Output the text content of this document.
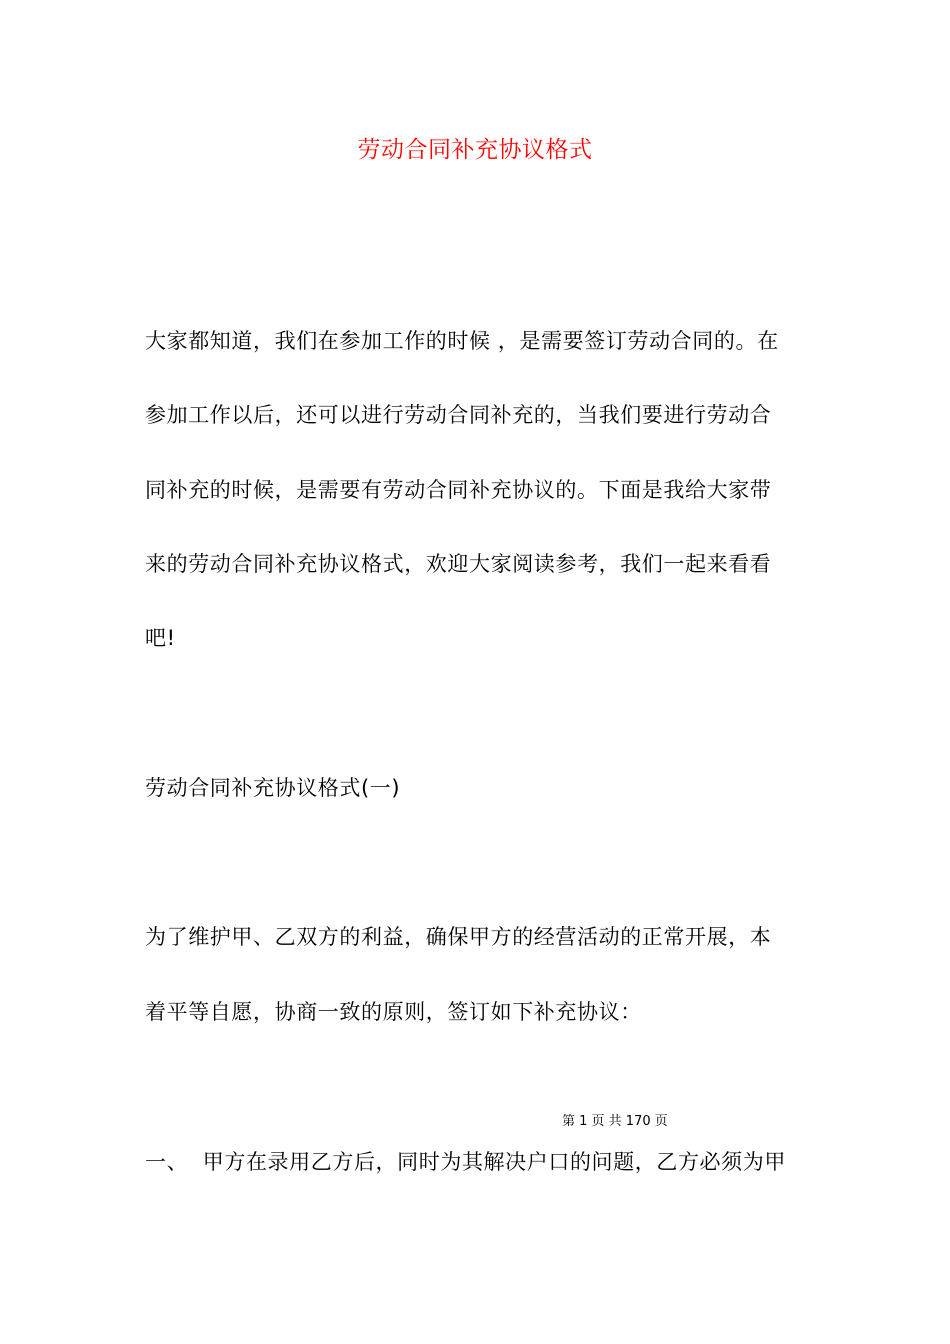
劳动合同补充协议格式
大家都知道，我们在参加工作的时候 ，是需要签订劳动合同的。在
参加工作以后，还可以进行劳动合同补充的，当我们要进行劳动合
同补充的时候，是需要有劳动合同补充协议的。下面是我给大家带
来的劳动合同补充协议格式，欢迎大家阅读参考，我们一起来看看
吧!
劳动合同补充协议格式(一)
为了维护甲、乙双方的利益，确保甲方的经营活动的正常开展，本
着平等自愿，协商一致的原则，签订如下补充协议：
第 1 页 共 170 页
一、  甲方在录用乙方后，同时为其解决户口的问题，乙方必须为甲
